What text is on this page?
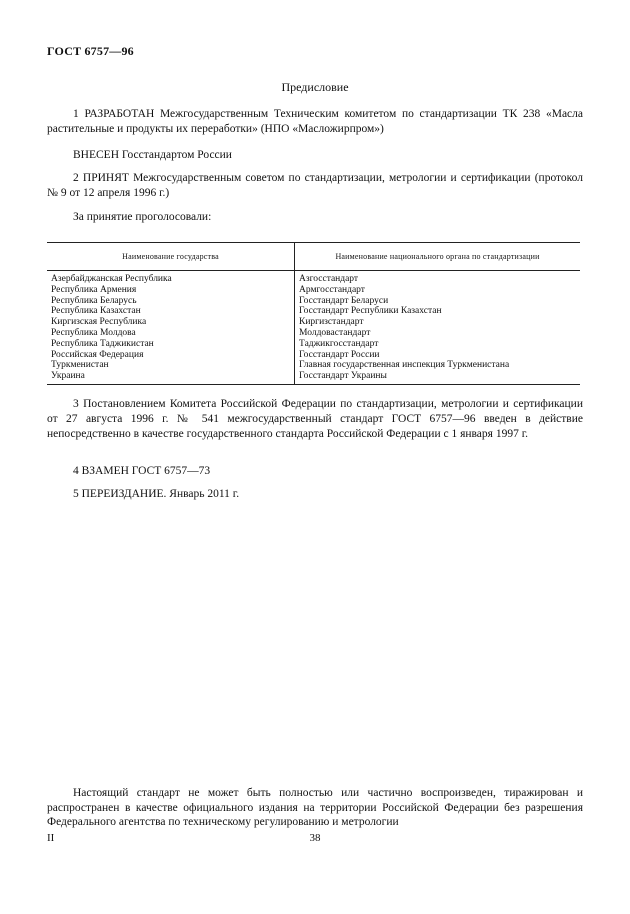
ГОСТ 6757—96
Предисловие
1 РАЗРАБОТАН Межгосударственным Техническим комитетом по стандартизации ТК 238 «Масла растительные и продукты их переработки» (НПО «Масложирпром»)
ВНЕСЕН Госстандартом России
2 ПРИНЯТ Межгосударственным советом по стандартизации, метрологии и сертификации (протокол № 9 от 12 апреля 1996 г.)
За принятие проголосовали:
Наименование государства	Наименование национального органа по стандартизации
Азербайджанская Республика	Азгосстандарт
Республика Армения	Армгосстандарт
Республика Беларусь	Госстандарт Беларуси
Республика Казахстан	Госстандарт Республики Казахстан
Киргизская Республика	Киргизстандарт
Республика Молдова	Молдовастандарт
Республика Таджикистан	Таджикгосстандарт
Российская Федерация	Госстандарт России
Туркменистан	Главная государственная инспекция Туркменистана
Украина	Госстандарт Украины
3 Постановлением Комитета Российской Федерации по стандартизации, метрологии и сертификации от 27 августа 1996 г. № 541 межгосударственный стандарт ГОСТ 6757—96 введен в действие непосредственно в качестве государственного стандарта Российской Федерации с 1 января 1997 г.
4 ВЗАМЕН ГОСТ 6757—73
5 ПЕРЕИЗДАНИЕ. Январь 2011 г.
Настоящий стандарт не может быть полностью или частично воспроизведен, тиражирован и распространен в качестве официального издания на территории Российской Федерации без разрешения Федерального агентства по техническому регулированию и метрологии
II	38
